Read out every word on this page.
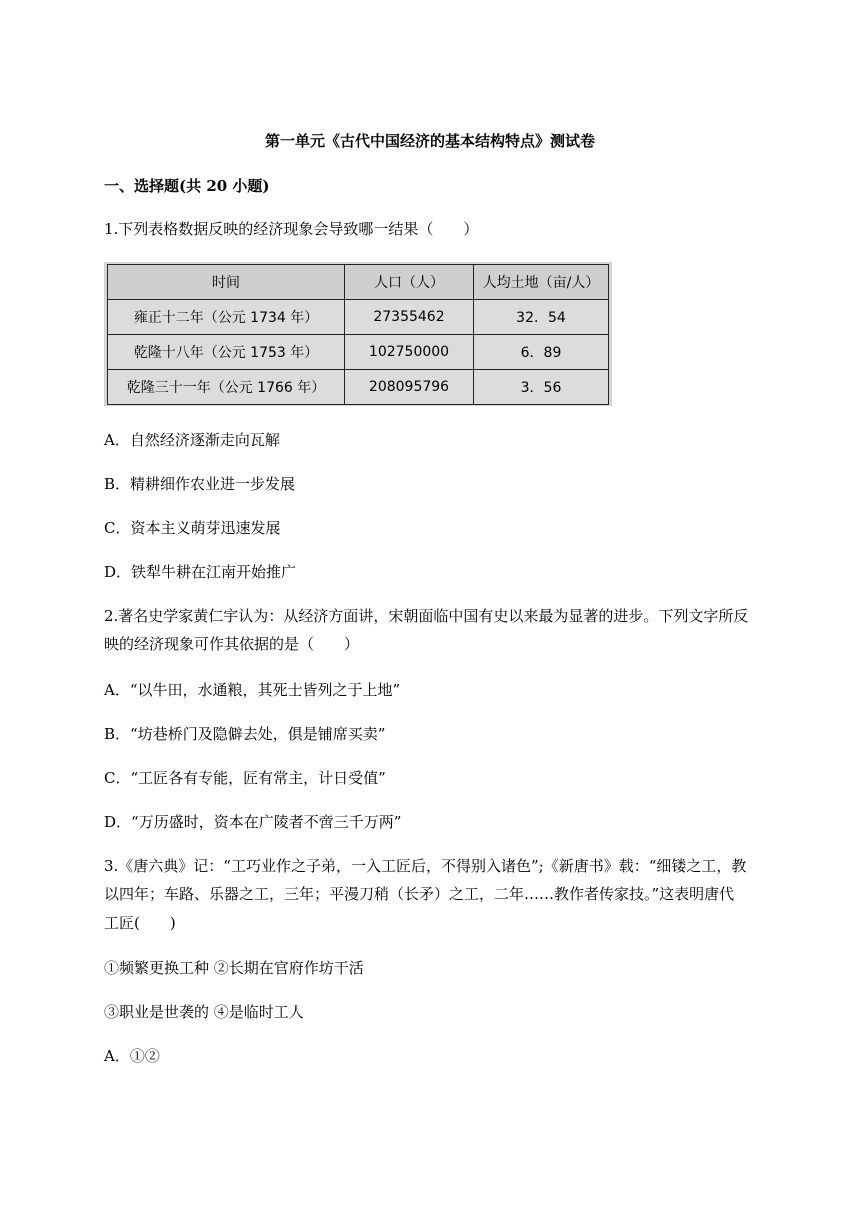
第一单元《古代中国经济的基本结构特点》测试卷
一、选择题(共 20 小题)
1.下列表格数据反映的经济现象会导致哪一结果（　　）
时间	人口（人）	人均土地（亩/人）
雍正十二年（公元 1734 年）	27355462	32．54
乾隆十八年（公元 1753 年）	102750000	6．89
乾隆三十一年（公元 1766 年）	208095796	3．56
A．自然经济逐渐走向瓦解
B．精耕细作农业进一步发展
C．资本主义萌芽迅速发展
D．铁犁牛耕在江南开始推广
2.著名史学家黄仁宇认为：从经济方面讲，宋朝面临中国有史以来最为显著的进步。下列文字所反
映的经济现象可作其依据的是（　　）
A．“以牛田，水通粮，其死士皆列之于上地”
B．“坊巷桥门及隐僻去处，俱是铺席买卖”
C．“工匠各有专能，匠有常主，计日受值”
D．“万历盛时，资本在广陵者不啻三千万两”
3.《唐六典》记：“工巧业作之子弟，一入工匠后，不得别入诸色”;《新唐书》载：“细镂之工，教
以四年；车路、乐器之工，三年；平漫刀稍（长矛）之工，二年……教作者传家技。”这表明唐代
工匠(　　)
①频繁更换工种 ②长期在官府作坊干活
③职业是世袭的 ④是临时工人
A．①②
